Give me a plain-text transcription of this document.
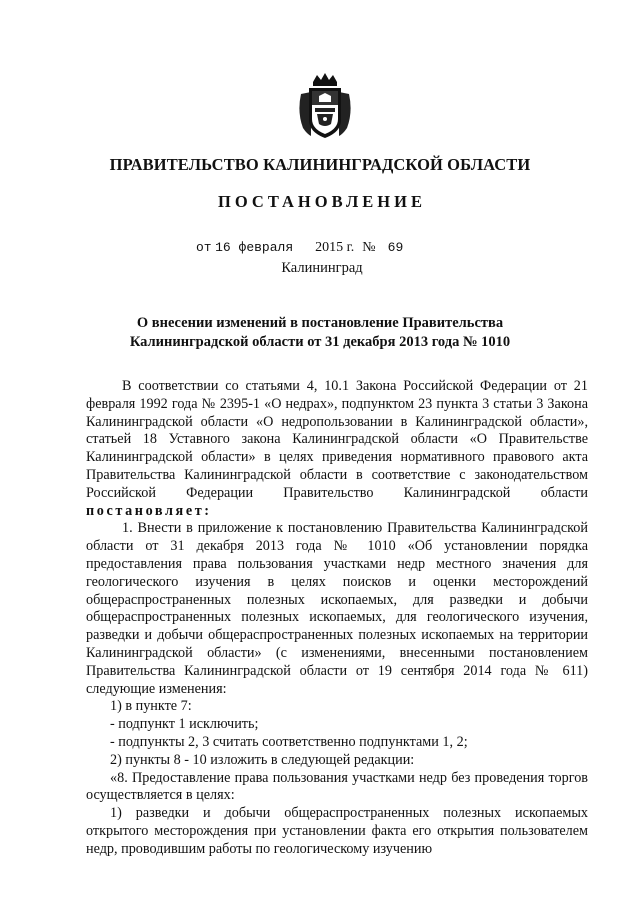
ПРАВИТЕЛЬСТВО КАЛИНИНГРАДСКОЙ ОБЛАСТИ
ПОСТАНОВЛЕНИЕ
от 16 февраля 2015 г. № 69
Калининград
О внесении изменений в постановление Правительства
Калининградской области от 31 декабря 2013 года № 1010

В соответствии со статьями 4, 10.1 Закона Российской Федерации от 21 февраля 1992 года № 2395-1 «О недрах», подпунктом 23 пункта 3 статьи 3 Закона Калининградской области «О недропользовании в Калининградской области», статьей 18 Уставного закона Калининградской области «О Правительстве Калининградской области» в целях приведения нормативного правового акта Правительства Калининградской области в соответствие с законодательством Российской Федерации Правительство Калининградской области постановляет:

1. Внести в приложение к постановлению Правительства Калининградской области от 31 декабря 2013 года № 1010 «Об установлении порядка предоставления права пользования участками недр местного значения для геологического изучения в целях поисков и оценки месторождений общераспространенных полезных ископаемых, для разведки и добычи общераспространенных полезных ископаемых, для геологического изучения, разведки и добычи общераспространенных полезных ископаемых на территории Калининградской области» (с изменениями, внесенными постановлением Правительства Калининградской области от 19 сентября 2014 года № 611) следующие изменения:

1) в пункте 7:

- подпункт 1 исключить;

- подпункты 2, 3 считать соответственно подпунктами 1, 2;

2) пункты 8 - 10 изложить в следующей редакции:

«8. Предоставление права пользования участками недр без проведения торгов осуществляется в целях:

1) разведки и добычи общераспространенных полезных ископаемых открытого месторождения при установлении факта его открытия пользователем недр, проводившим работы по геологическому изучению
